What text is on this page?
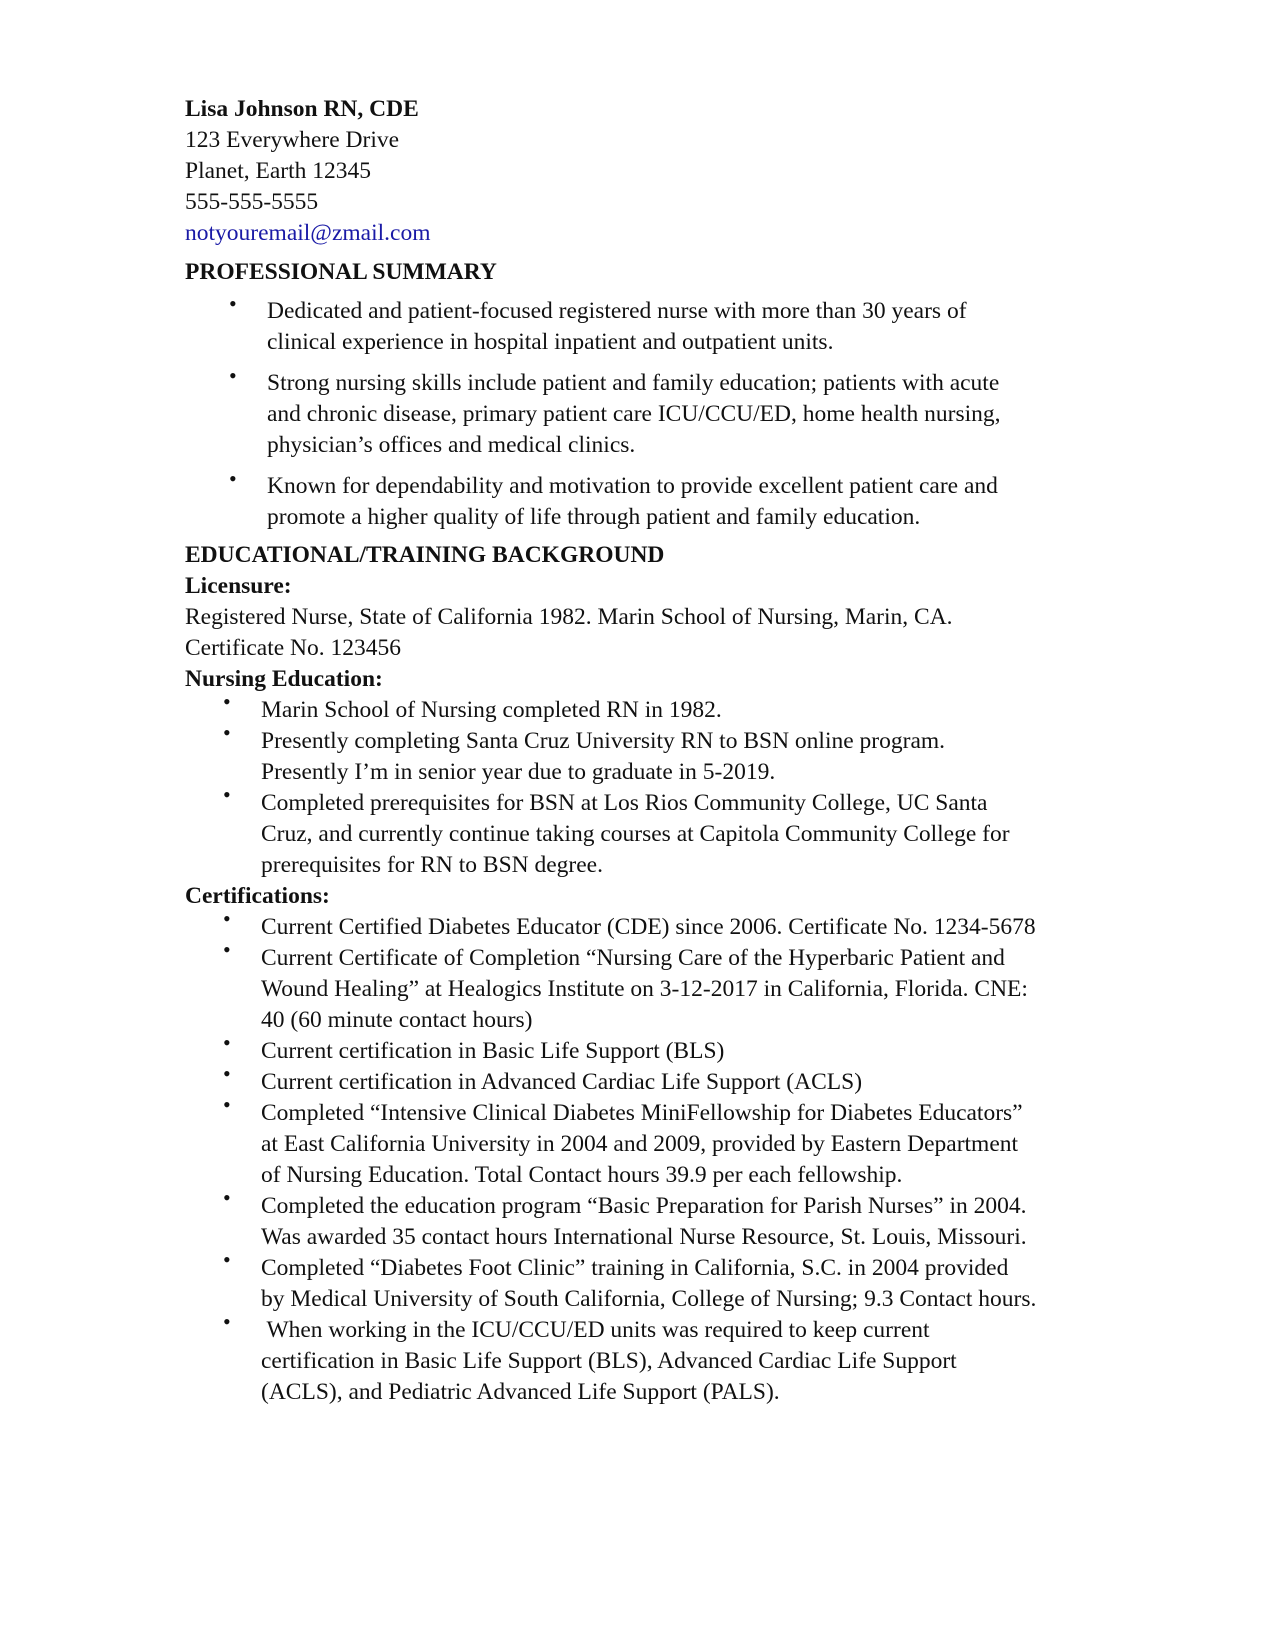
Lisa Johnson RN, CDE
123 Everywhere Drive
Planet, Earth 12345
555-555-5555
notyouremail@zmail.com
PROFESSIONAL SUMMARY
• Dedicated and patient-focused registered nurse with more than 30 years of
clinical experience in hospital inpatient and outpatient units.
• Strong nursing skills include patient and family education; patients with acute
and chronic disease, primary patient care ICU/CCU/ED, home health nursing,
physician’s offices and medical clinics.
• Known for dependability and motivation to provide excellent patient care and
promote a higher quality of life through patient and family education.
EDUCATIONAL/TRAINING BACKGROUND
Licensure:
Registered Nurse, State of California 1982. Marin School of Nursing, Marin, CA.
Certificate No. 123456
Nursing Education:
• Marin School of Nursing completed RN in 1982.
• Presently completing Santa Cruz University RN to BSN online program.
Presently I’m in senior year due to graduate in 5-2019.
• Completed prerequisites for BSN at Los Rios Community College, UC Santa
Cruz, and currently continue taking courses at Capitola Community College for
prerequisites for RN to BSN degree.
Certifications:
• Current Certified Diabetes Educator (CDE) since 2006. Certificate No. 1234-5678
• Current Certificate of Completion “Nursing Care of the Hyperbaric Patient and
Wound Healing” at Healogics Institute on 3-12-2017 in California, Florida. CNE:
40 (60 minute contact hours)
• Current certification in Basic Life Support (BLS)
• Current certification in Advanced Cardiac Life Support (ACLS)
• Completed “Intensive Clinical Diabetes MiniFellowship for Diabetes Educators”
at East California University in 2004 and 2009, provided by Eastern Department
of Nursing Education. Total Contact hours 39.9 per each fellowship.
• Completed the education program “Basic Preparation for Parish Nurses” in 2004.
Was awarded 35 contact hours International Nurse Resource, St. Louis, Missouri.
• Completed “Diabetes Foot Clinic” training in California, S.C. in 2004 provided
by Medical University of South California, College of Nursing; 9.3 Contact hours.
• When working in the ICU/CCU/ED units was required to keep current
certification in Basic Life Support (BLS), Advanced Cardiac Life Support
(ACLS), and Pediatric Advanced Life Support (PALS).
